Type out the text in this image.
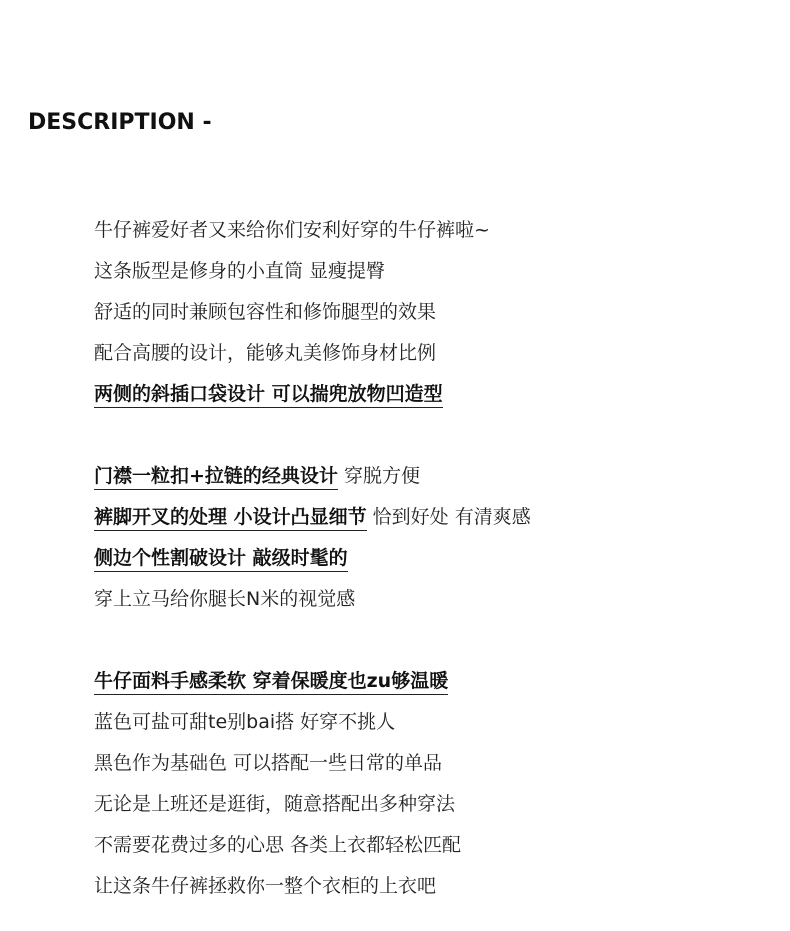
DESCRIPTION -
牛仔裤爱好者又来给你们安利好穿的牛仔裤啦~
这条版型是修身的小直筒 显瘦提臀
舒适的同时兼顾包容性和修饰腿型的效果
配合高腰的设计，能够丸美修饰身材比例
两侧的斜插口袋设计 可以揣兜放物凹造型
门襟一粒扣+拉链的经典设计 穿脱方便
裤脚开叉的处理 小设计凸显细节 恰到好处 有清爽感
侧边个性割破设计 敲级时髦的
穿上立马给你腿长N米的视觉感
牛仔面料手感柔软 穿着保暖度也zu够温暖
蓝色可盐可甜te别bai搭 好穿不挑人
黑色作为基础色 可以搭配一些日常的单品
无论是上班还是逛街，随意搭配出多种穿法
不需要花费过多的心思 各类上衣都轻松匹配
让这条牛仔裤拯救你一整个衣柜的上衣吧
